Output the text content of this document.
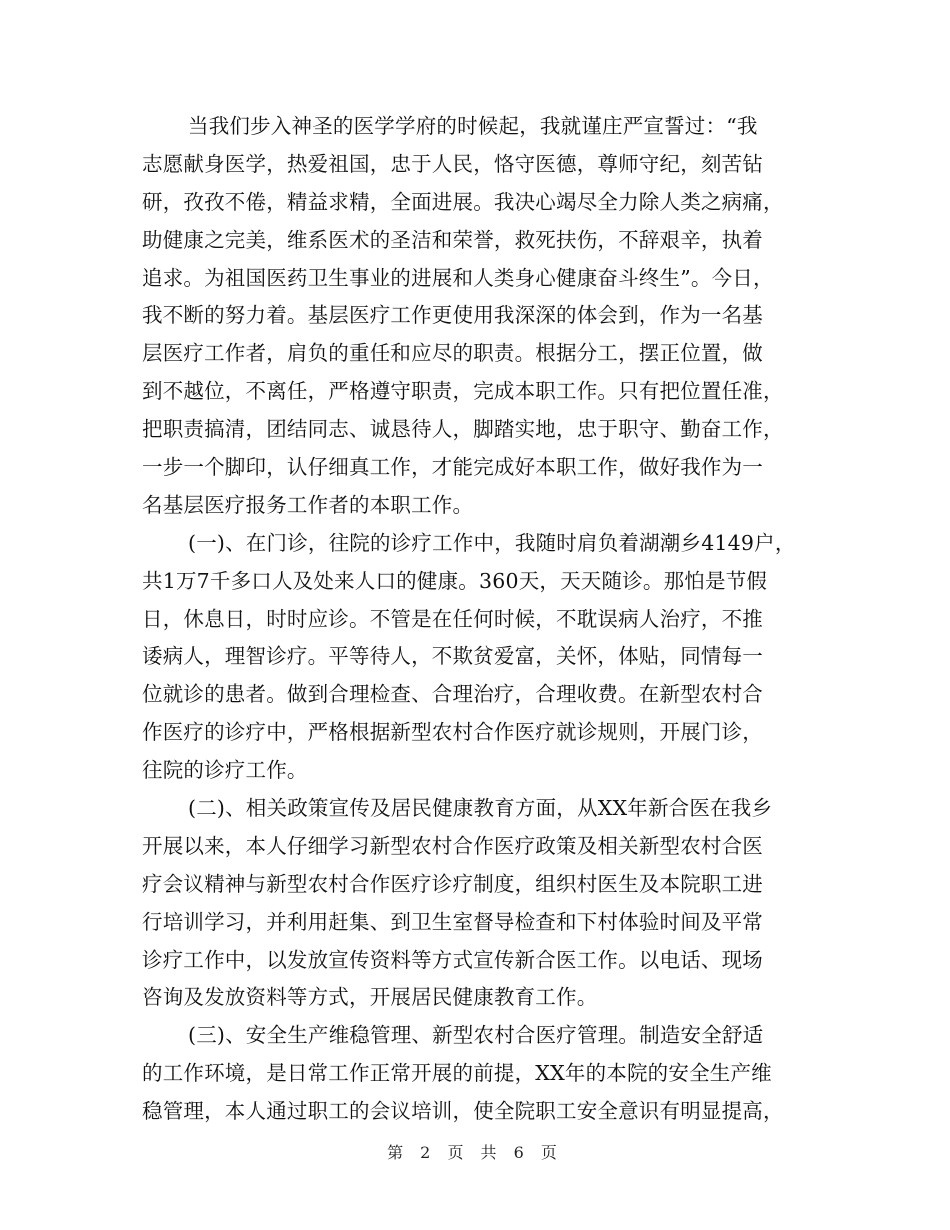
当我们步入神圣的医学学府的时候起，我就谨庄严宣誓过：“我
志愿献身医学，热爱祖国，忠于人民，恪守医德，尊师守纪，刻苦钻
研，孜孜不倦，精益求精，全面进展。我决心竭尽全力除人类之病痛，
助健康之完美，维系医术的圣洁和荣誉，救死扶伤，不辞艰辛，执着
追求。为祖国医药卫生事业的进展和人类身心健康奋斗终生”。今日，
我不断的努力着。基层医疗工作更使用我深深的体会到，作为一名基
层医疗工作者，肩负的重任和应尽的职责。根据分工，摆正位置，做
到不越位，不离任，严格遵守职责，完成本职工作。只有把位置任准，
把职责搞清，团结同志、诚恳待人，脚踏实地，忠于职守、勤奋工作，
一步一个脚印，认仔细真工作，才能完成好本职工作，做好我作为一
名基层医疗报务工作者的本职工作。
(一)、在门诊，往院的诊疗工作中，我随时肩负着湖潮乡4149户，
共1万7千多口人及处来人口的健康。360天，天天随诊。那怕是节假
日，休息日，时时应诊。不管是在任何时候，不耽误病人治疗，不推
诿病人，理智诊疗。平等待人，不欺贫爱富，关怀，体贴，同情每一
位就诊的患者。做到合理检查、合理治疗，合理收费。在新型农村合
作医疗的诊疗中，严格根据新型农村合作医疗就诊规则，开展门诊，
往院的诊疗工作。
(二)、相关政策宣传及居民健康教育方面，从XX年新合医在我乡
开展以来，本人仔细学习新型农村合作医疗政策及相关新型农村合医
疗会议精神与新型农村合作医疗诊疗制度，组织村医生及本院职工进
行培训学习，并利用赶集、到卫生室督导检查和下村体验时间及平常
诊疗工作中，以发放宣传资料等方式宣传新合医工作。以电话、现场
咨询及发放资料等方式，开展居民健康教育工作。
(三)、安全生产维稳管理、新型农村合医疗管理。制造安全舒适
的工作环境，是日常工作正常开展的前提，XX年的本院的安全生产维
稳管理，本人通过职工的会议培训，使全院职工安全意识有明显提高，
第 2 页 共 6 页
